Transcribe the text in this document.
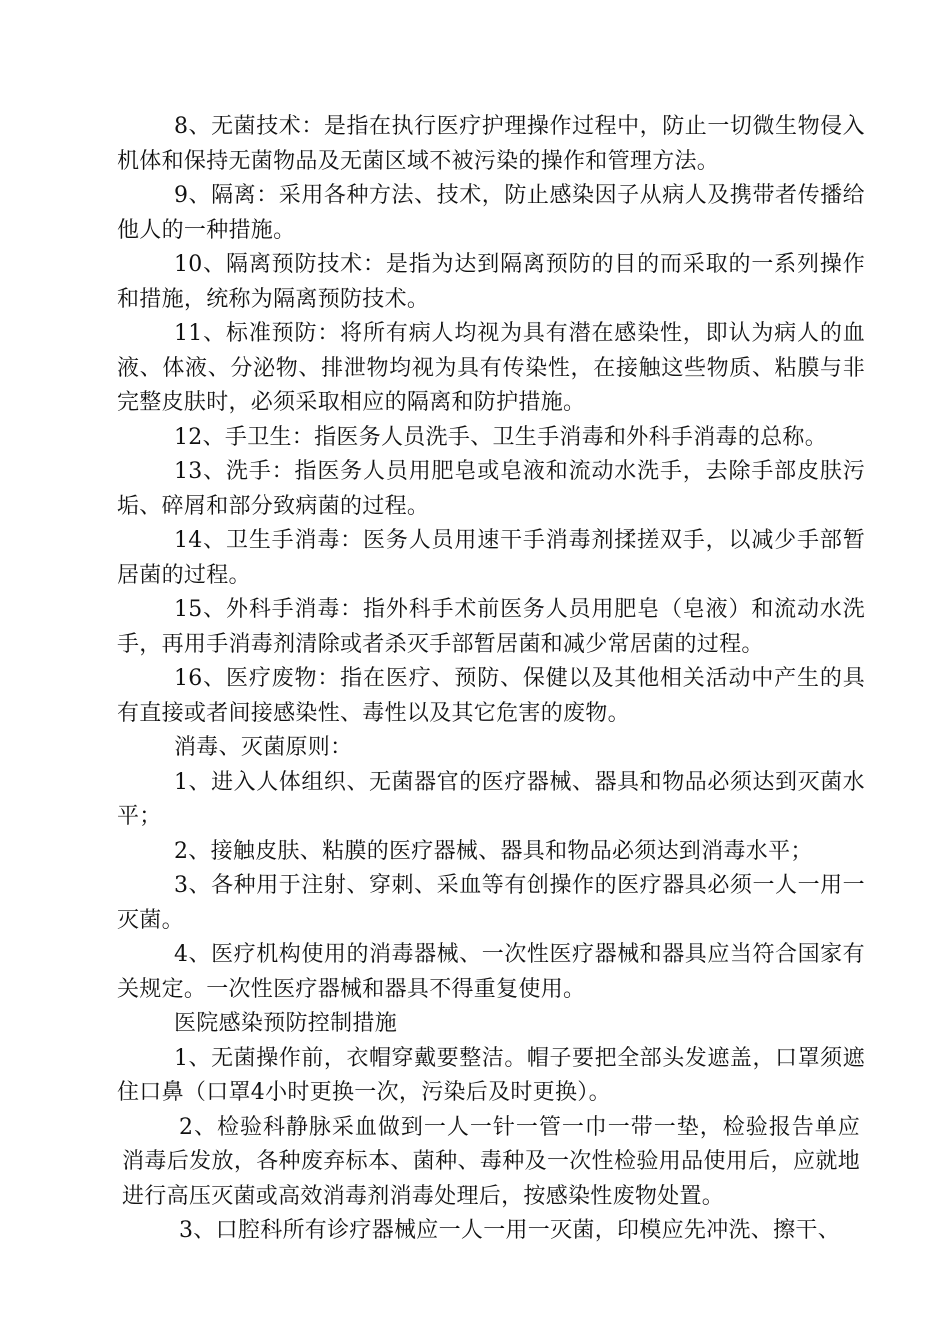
8、无菌技术：是指在执行医疗护理操作过程中，防止一切微生物侵入机体和保持无菌物品及无菌区域不被污染的操作和管理方法。

9、隔离：采用各种方法、技术，防止感染因子从病人及携带者传播给他人的一种措施。

10、隔离预防技术：是指为达到隔离预防的目的而采取的一系列操作和措施，统称为隔离预防技术。

11、标准预防：将所有病人均视为具有潜在感染性，即认为病人的血液、体液、分泌物、排泄物均视为具有传染性，在接触这些物质、粘膜与非完整皮肤时，必须采取相应的隔离和防护措施。

12、手卫生：指医务人员洗手、卫生手消毒和外科手消毒的总称。

13、洗手：指医务人员用肥皂或皂液和流动水洗手，去除手部皮肤污垢、碎屑和部分致病菌的过程。

14、卫生手消毒：医务人员用速干手消毒剂揉搓双手，以减少手部暂居菌的过程。

15、外科手消毒：指外科手术前医务人员用肥皂（皂液）和流动水洗手，再用手消毒剂清除或者杀灭手部暂居菌和减少常居菌的过程。

16、医疗废物：指在医疗、预防、保健以及其他相关活动中产生的具有直接或者间接感染性、毒性以及其它危害的废物。

消毒、灭菌原则：

1、进入人体组织、无菌器官的医疗器械、器具和物品必须达到灭菌水平；

2、接触皮肤、粘膜的医疗器械、器具和物品必须达到消毒水平；

3、各种用于注射、穿刺、采血等有创操作的医疗器具必须一人一用一灭菌。

4、医疗机构使用的消毒器械、一次性医疗器械和器具应当符合国家有关规定。一次性医疗器械和器具不得重复使用。

医院感染预防控制措施

1、无菌操作前，衣帽穿戴要整洁。帽子要把全部头发遮盖，口罩须遮住口鼻（口罩4小时更换一次，污染后及时更换）。

2、检验科静脉采血做到一人一针一管一巾一带一垫，检验报告单应消毒后发放，各种废弃标本、菌种、毒种及一次性检验用品使用后，应就地进行高压灭菌或高效消毒剂消毒处理后，按感染性废物处置。

3、口腔科所有诊疗器械应一人一用一灭菌，印模应先冲洗、擦干、
